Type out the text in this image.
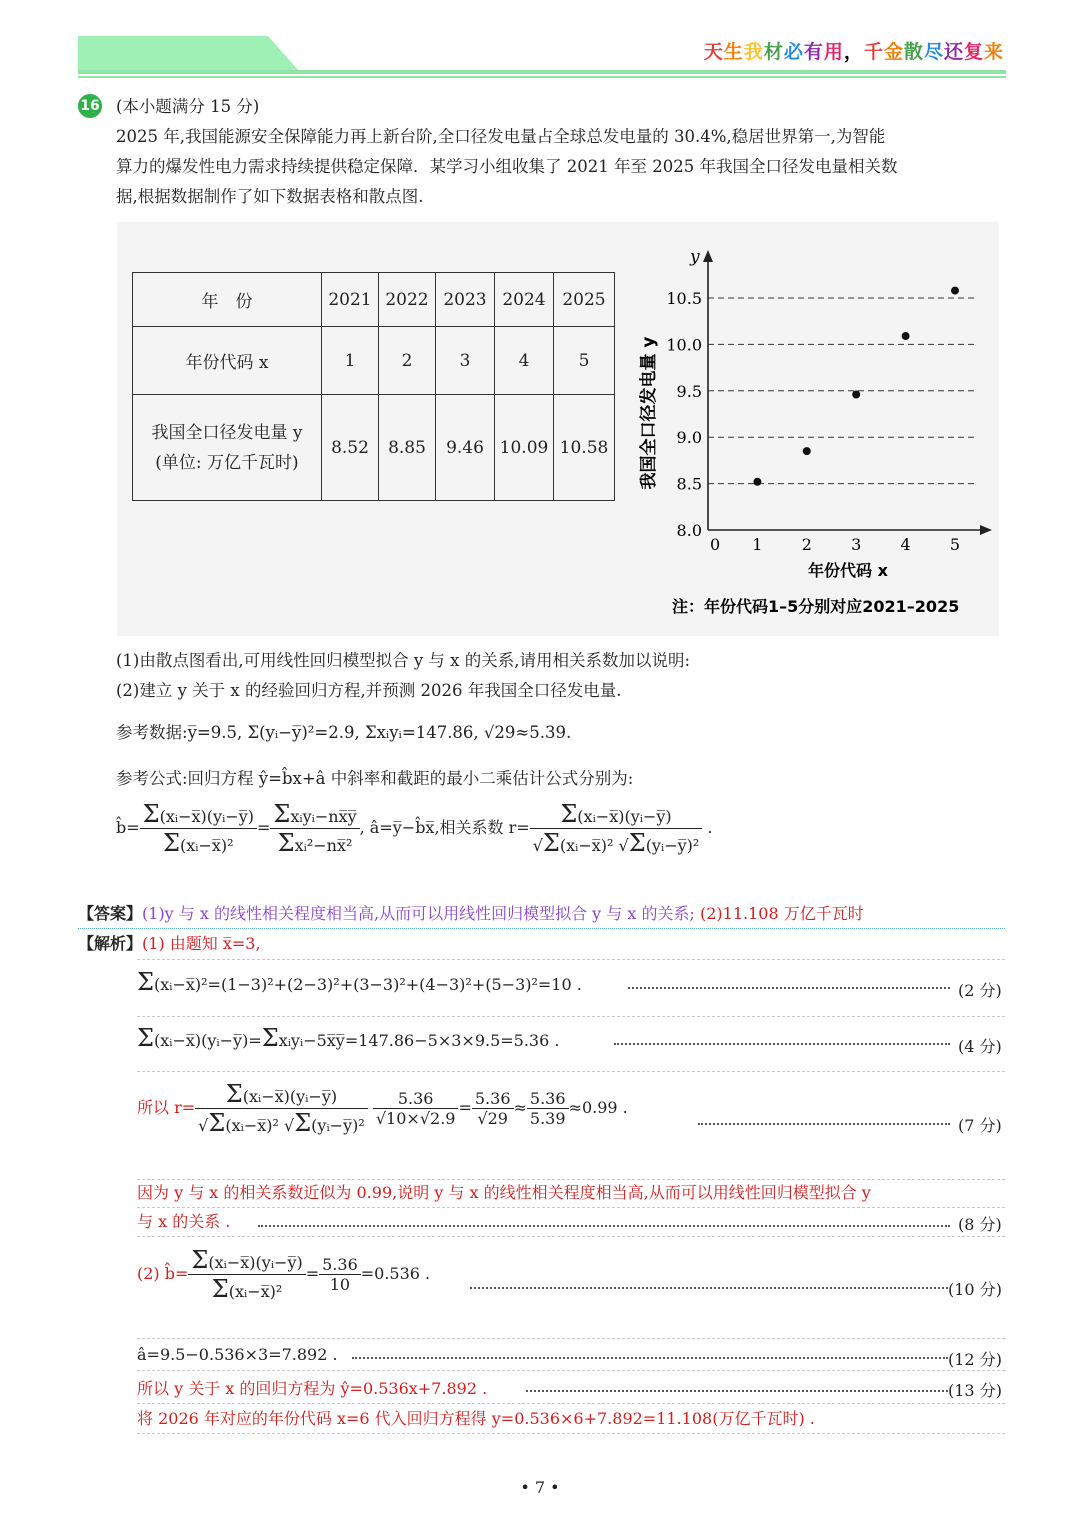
天生我材必有用，千金散尽还复来
16 (本小题满分 15 分)
2025 年,我国能源安全保障能力再上新台阶,全口径发电量占全球总发电量的 30.4%,稳居世界第一,为智能
算力的爆发性电力需求持续提供稳定保障．某学习小组收集了 2021 年至 2025 年我国全口径发电量相关数
据,根据数据制作了如下数据表格和散点图.
年　份	2021	2022	2023	2024	2025
年份代码 x	1	2	3	4	5

我国全口径发电量 y
(单位: 万亿千瓦时)	8.52	8.85	9.46	10.09	10.58
y
8.0
8.5
9.0
9.5
10.0
10.5
0 1 2 3 4 5
我国全口径发电量 y
年份代码 x
注：年份代码1–5分别对应2021–2025
(1)由散点图看出,可用线性回归模型拟合 y 与 x 的关系,请用相关系数加以说明:
(2)建立 y 关于 x 的经验回归方程,并预测 2026 年我国全口径发电量.
参考数据:y̅=9.5, Σ(yᵢ−y̅)²=2.9, Σxᵢyᵢ=147.86, √29≈5.39.
参考公式:回归方程 ŷ=b̂x+â 中斜率和截距的最小二乘估计公式分别为:
b̂= $\frac{\text{Σ(xᵢ−x̅)(yᵢ−y̅)}}{\text{Σ(xᵢ−x̅)²}} = \frac{\text{Σxᵢyᵢ−nx̅y̅}}{\text{Σxᵢ²−nx̅²}}$ , â=y̅−b̂x̅,相关系数 $r= \frac{\text{Σ(xᵢ−x̅)(yᵢ−y̅)}}{\text{√Σ(xᵢ−x̅)² √Σ(yᵢ−y̅)²}}$ .
【答案】(1)y 与 x 的线性相关程度相当高,从而可以用线性回归模型拟合 y 与 x 的关系; (2)11.108 万亿千瓦时
【解析】(1) 由题知 x̅=3,
Σ(xᵢ−x̅)²=(1−3)²+(2−3)²+(3−3)²+(4−3)²+(5−3)²=10 .	(2 分)
Σ(xᵢ−x̅)(yᵢ−y̅)=Σxᵢyᵢ−5x̅y̅=147.86−5×3×9.5=5.36 .	(4 分)
所以 $r= \frac{\text{Σ(xᵢ−x̅)(yᵢ−y̅)}}{\text{√Σ(xᵢ−x̅)² √Σ(yᵢ−y̅)²}}$
$\frac{5.36}{√10\times√2.9} = \frac{5.36}{√29} \approx \frac{5.36}{5.39} \approx 0.99$ .
(7 分)
因为 y 与 x 的相关系数近似为 0.99,说明 y 与 x 的线性相关程度相当高,从而可以用线性回归模型拟合 y
与 x 的关系 .	(8 分)
(2) b̂= $\frac{\text{Σ(xᵢ−x̅)(yᵢ−y̅)}}{\text{Σ(xᵢ−x̅)²}} = \frac{5.36}{10} =0.536$ .
(10 分)
â=9.5−0.536×3=7.892 .	(12 分)
所以 y 关于 x 的回归方程为 ŷ=0.536x+7.892 .	(13 分)
将 2026 年对应的年份代码 x=6 代入回归方程得 y=0.536×6+7.892=11.108(万亿千瓦时) .
• 7 •
